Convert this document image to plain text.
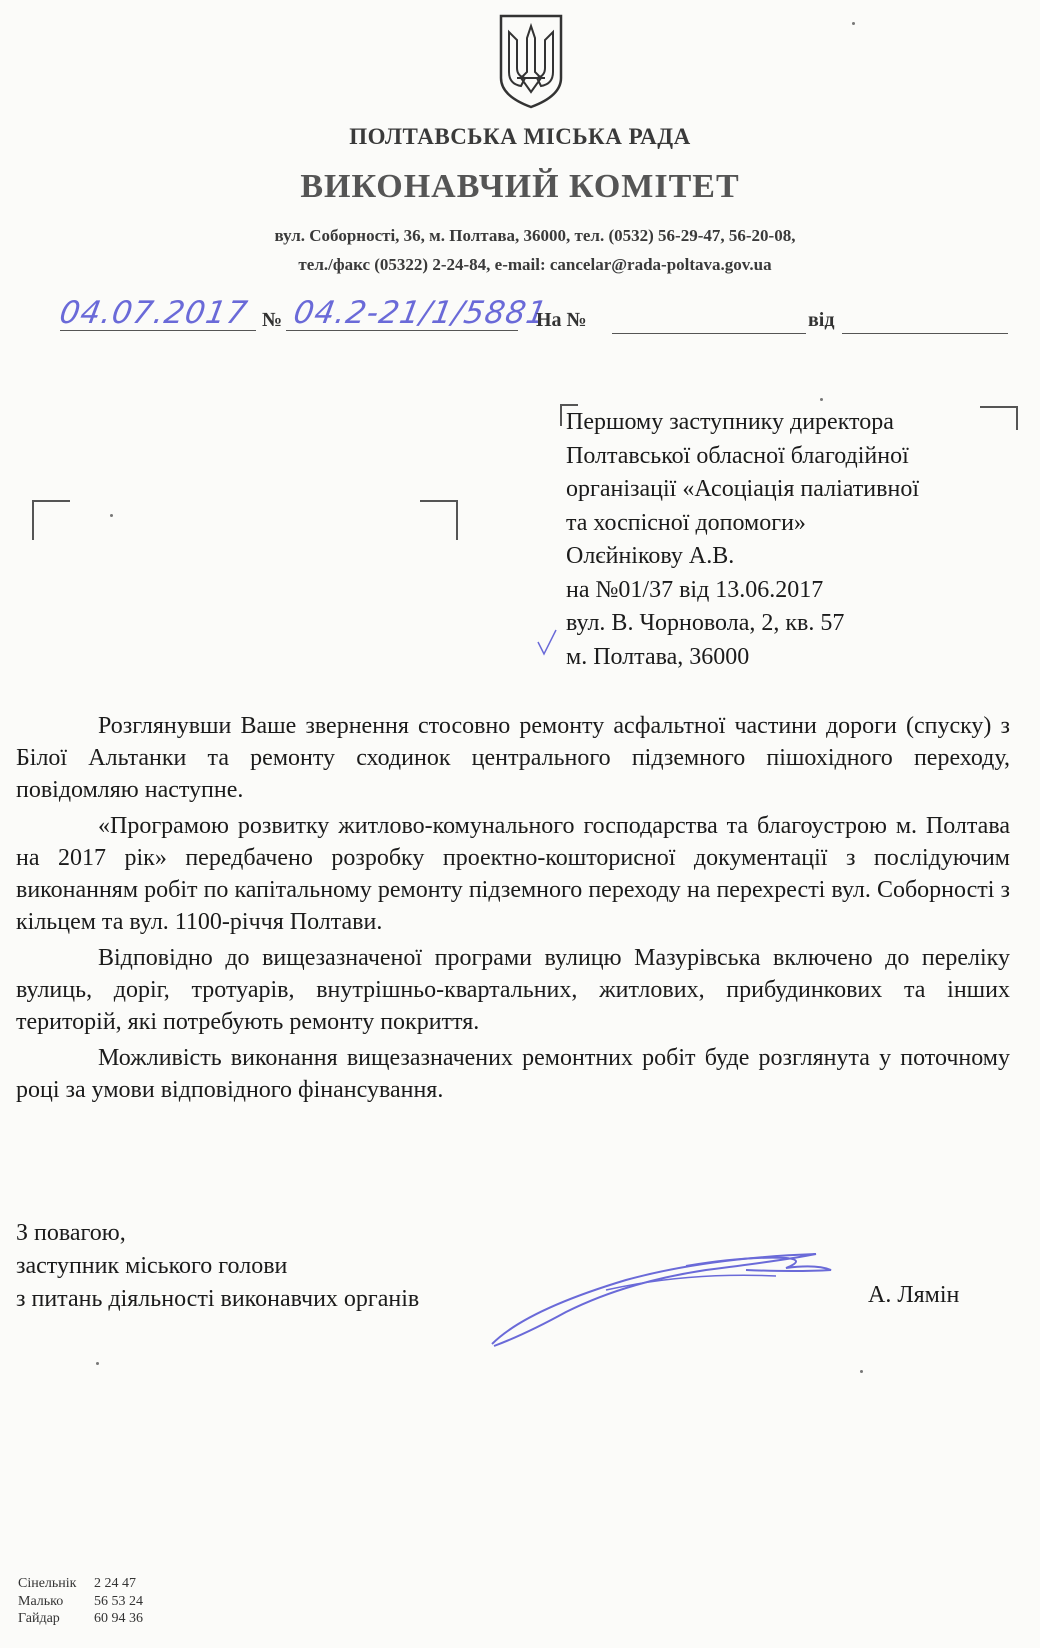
ПОЛТАВСЬКА МІСЬКА РАДА
ВИКОНАВЧИЙ КОМІТЕТ
вул. Соборності, 36, м. Полтава, 36000, тел. (0532) 56-29-47, 56-20-08,
тел./факс (05322) 2-24-84, e-mail: cancelar@rada-poltava.gov.ua
04.07.2017 № 04.2-21/1/5881
На №	від
Першому заступнику директора
Полтавської обласної благодійної
організації «Асоціація паліативної
та хоспісної допомоги»
Олєйнікову А.В.
на №01/37 від 13.06.2017
вул. В. Чорновола, 2, кв. 57
м. Полтава, 36000

Розглянувши Ваше звернення стосовно ремонту асфальтної частини дороги (спуску) з Білої Альтанки та ремонту сходинок центрального підземного пішохідного переходу, повідомляю наступне.

«Програмою розвитку житлово-комунального господарства та благоустрою м. Полтава на 2017 рік» передбачено розробку проектно-кошторисної документації з послідуючим виконанням робіт по капітальному ремонту підземного переходу на перехресті вул. Соборності з кільцем та вул. 1100-річчя Полтави.

Відповідно до вищезазначеної програми вулицю Мазурівська включено до переліку вулиць, доріг, тротуарів, внутрішньо-квартальних, житлових, прибудинкових та інших територій, які потребують ремонту покриття.

Можливість виконання вищезазначених ремонтних робіт буде розглянута у поточному році за умови відповідного фінансування.

З повагою,
заступник міського голови
з питань діяльності виконавчих органів	А. Лямін
Сінельнік 2 24 47
Малько 56 53 24
Гайдар 60 94 36
